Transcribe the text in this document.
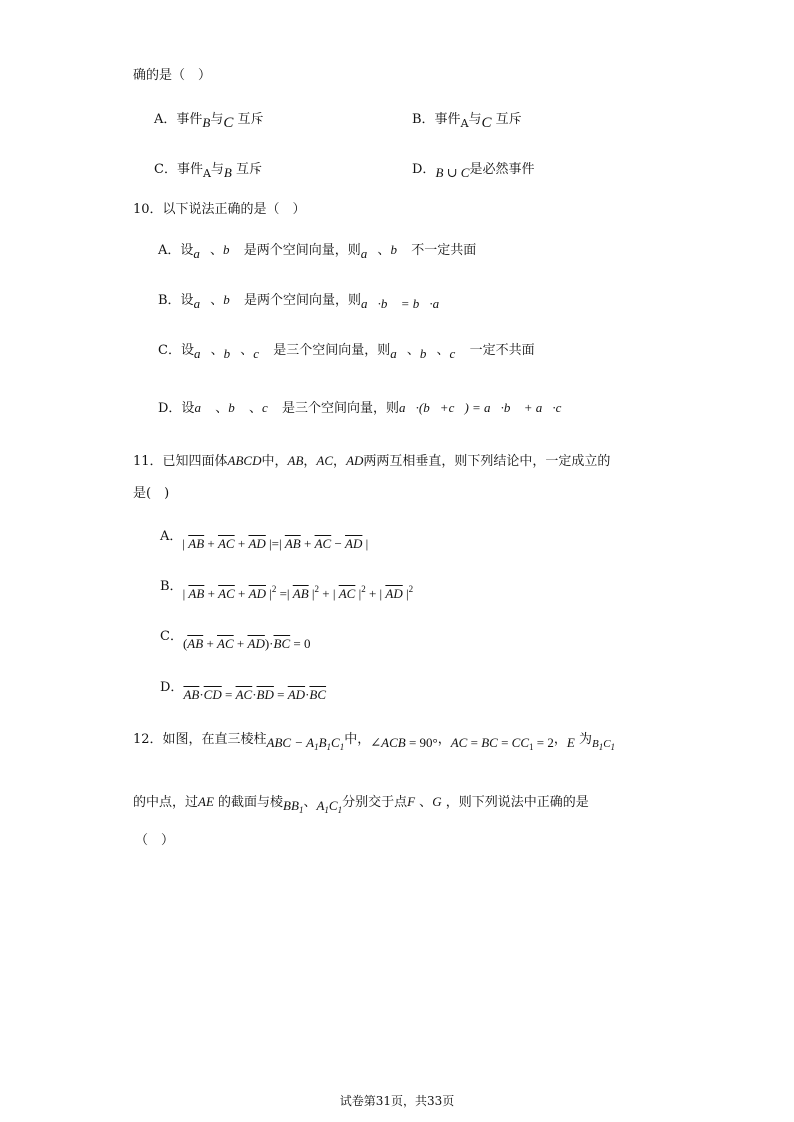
确的是（　）
A．事件B与C 互斥	B．事件$_A$与C 互斥
C．事件$_A$与B 互斥	D．B ∪ C是必然事件
10．以下说法正确的是（　）
A．设a⃗、b⃗ 是两个空间向量，则a⃗、b⃗ 不一定共面
B．设a⃗、b⃗ 是两个空间向量，则a⃗·b⃗ = b⃗·a⃗
C．设a⃗、b⃗、c⃗ 是三个空间向量，则a⃗、b⃗、c⃗ 一定不共面
D．设a⃗ 、b⃗ 、c⃗ 是三个空间向量，则a⃗·(b⃗+c⃗) = a⃗·b⃗ + a⃗·c⃗
11．已知四面体ABCD中，AB，AC，AD两两互相垂直，则下列结论中，一定成立的
是(　)
A．| $\overline{AB} + \overline{AC} + \overline{AD}$ |=| $\overline{AB} + \overline{AC} - \overline{AD}$ |
B．| $\overline{AB} + \overline{AC} + \overline{AD}$ $|^2$ =| $\overline{AB}$ $|^2$ + | $\overline{AC}$ $|^2$ + | $\overline{AD}$ $|^2$
C．$(\overline{AB} + \overline{AC} + \overline{AD})\cdot\overline{BC} = 0$
D．$\overline{AB}\cdot\overline{CD} = \overline{AC}\cdot\overline{BD} = \overline{AD}\cdot\overline{BC}$
12．如图，在直三棱柱ABC − $A_1B_1C_1$中，∠ACB = 90°，AC = BC = $CC_1 = 2$，E 为$_{B_1C_1}$
的中点，过AE 的截面与棱$BB_1$、$A_1C_1$分别交于点F 、G ，则下列说法中正确的是
（　）
试卷第31页，共33页
